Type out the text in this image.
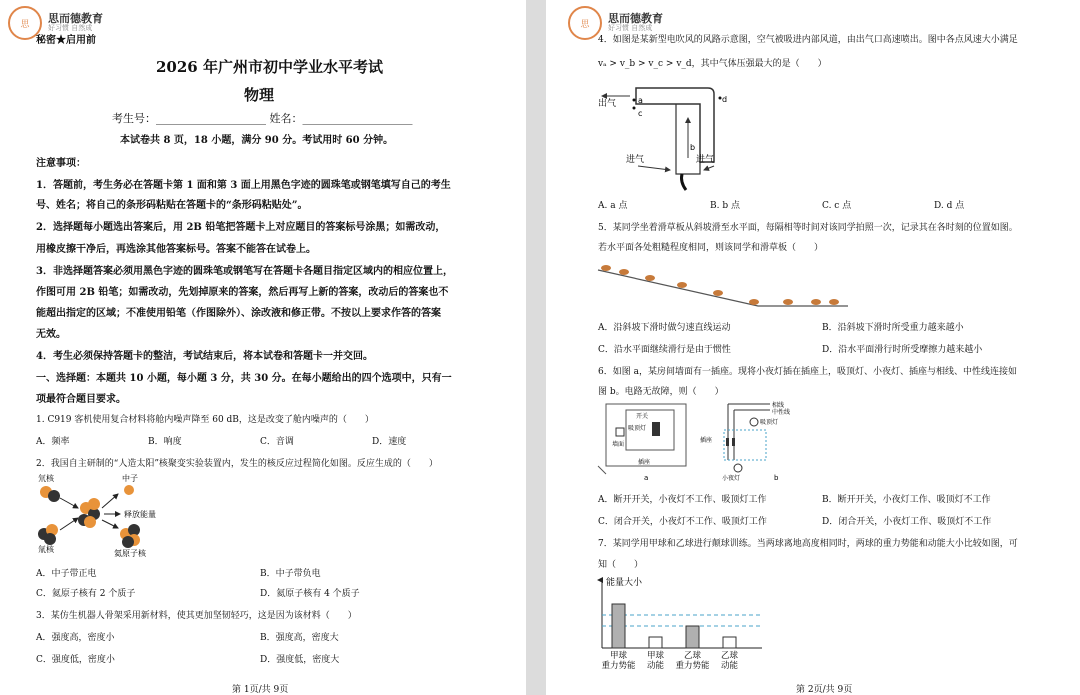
思	思而德教育
好习惯 自然成
秘密★启用前
2026 年广州市初中学业水平考试
物理
考生号：____________________ 姓名：____________________
本试卷共 8 页，18 小题，满分 90 分。考试用时 60 分钟。
注意事项：
1．答题前，考生务必在答题卡第 1 面和第 3 面上用黑色字迹的圆珠笔或钢笔填写自己的考生
号、姓名；将自己的条形码粘贴在答题卡的“条形码粘贴处”。
2．选择题每小题选出答案后，用 2B 铅笔把答题卡上对应题目的答案标号涂黑；如需改动，
用橡皮擦干净后，再选涂其他答案标号。答案不能答在试卷上。
3．非选择题答案必须用黑色字迹的圆珠笔或钢笔写在答题卡各题目指定区域内的相应位置上，
作图可用 2B 铅笔；如需改动，先划掉原来的答案，然后再写上新的答案，改动后的答案也不
能超出指定的区域；不准使用铅笔（作图除外）、涂改液和修正带。不按以上要求作答的答案
无效。
4．考生必须保持答题卡的整洁，考试结束后，将本试卷和答题卡一并交回。
一、选择题：本题共 10 小题，每小题 3 分，共 30 分。在每小题给出的四个选项中，只有一
项最符合题目要求。
1. C919 客机使用复合材料将舱内噪声降至 60 dB，这是改变了舱内噪声的（　　）
A．频率	B．响度	C．音调	D．速度
2．我国自主研制的“人造太阳”核聚变实验装置内，发生的核反应过程简化如图。反应生成的（　　）
氘核
氚核
中子
释放能量
氦原子核
A．中子带正电	B．中子带负电
C．氦原子核有 2 个质子	D．氦原子核有 4 个质子
3．某仿生机器人骨架采用新材料，使其更加坚韧轻巧，这是因为该材料（　　）
A．强度高，密度小	B．强度高，密度大
C．强度低，密度小	D．强度低，密度大
第 1页/共 9页
思	思而德教育
好习惯 自然成
4．如图是某新型电吹风的风路示意图，空气被吸进内部风道，由出气口高速喷出。图中各点风速大小满足
vₐ > v_b > v_c > v_d，其中气体压强最大的是（　　）
出气	a
c
d
b
进气	进气
A. a 点	B. b 点	C. c 点	D. d 点
5．某同学坐着滑草板从斜坡滑至水平面，每隔相等时间对该同学拍照一次，记录其在各时刻的位置如图。
若水平面各处粗糙程度相同，则该同学和滑草板（　　）
A．沿斜坡下滑时做匀速直线运动	B．沿斜坡下滑时所受重力越来越小
C．沿水平面继续滑行是由于惯性	D．沿水平面滑行时所受摩擦力越来越小
6．如图 a，某房间墙面有一插座。现将小夜灯插在插座上，吸顶灯、小夜灯、插座与相线、中性线连接如
图 b。电路无故障，则（　　）
开关
吸顶灯
墙面
插座
a
相线
中性线
吸顶灯
插座
小夜灯	b
A．断开开关，小夜灯不工作、吸顶灯工作	B．断开开关，小夜灯工作、吸顶灯不工作
C．闭合开关，小夜灯不工作、吸顶灯工作	D．闭合开关，小夜灯工作、吸顶灯不工作
7．某同学用甲球和乙球进行颠球训练。当两球离地高度相同时，两球的重力势能和动能大小比较如图，可
知（　　）
能量大小
甲球
重力势能
甲球
动能
乙球
重力势能
乙球
动能
第 2页/共 9页
